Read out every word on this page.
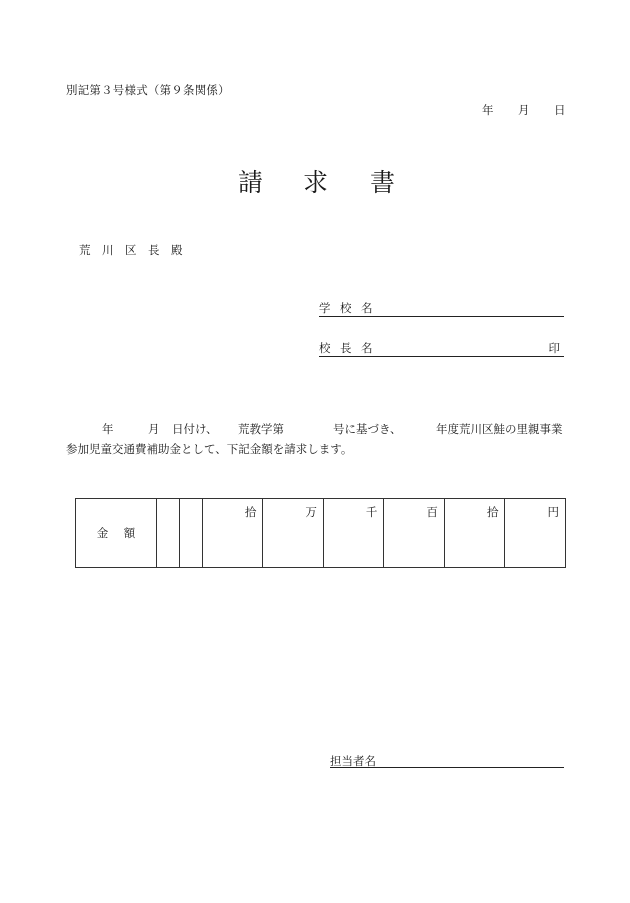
別記第３号様式（第９条関係）
年 月 日
請 求 書
荒 川 区 長 殿
学 校 名
校 長 名	印
年	月 日付け、 荒教学第	号に基づき、	年度荒川区鮭の里親事業
参加児童交通費補助金として、下記金額を請求します。
金 額			拾	万	千	百	拾	円
担当者名
